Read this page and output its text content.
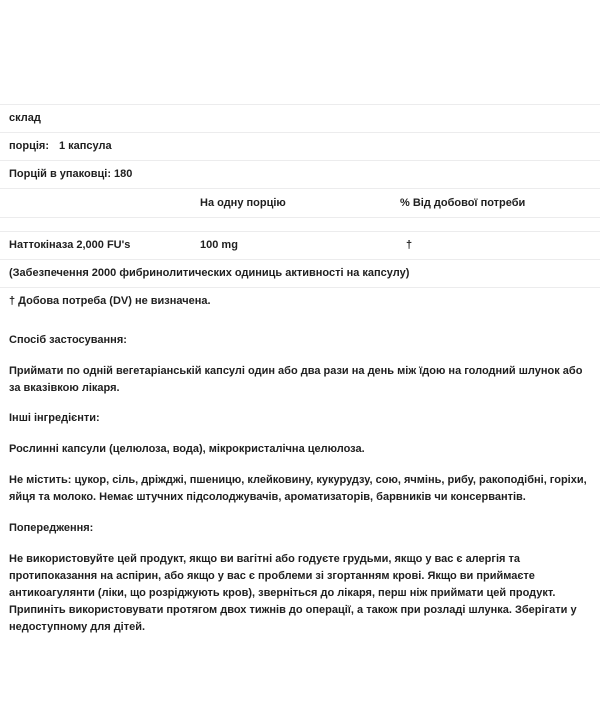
склад		
порція: 1 капсула		
Порцій в упаковці: 180		
	На одну порцію	% Від добової потреби

Наттокіназа 2,000 FU's	100 mg	†
(Забезпечення 2000 фибринолитических одиниць активності на капсулу)		
† Добова потреба (DV) не визначена.		

Спосіб застосування:

Приймати по одній вегетаріанській капсулі один або два рази на день між їдою на голодний шлунок або за вказівкою лікаря.

Інші інгредієнти:

Рослинні капсули (целюлоза, вода), мікрокристалічна целюлоза.

Не містить: цукор, сіль, дріжджі, пшеницю, клейковину, кукурудзу, сою, ячмінь, рибу, ракоподібні, горіхи, яйця та молоко. Немає штучних підсолоджувачів, ароматизаторів, барвників чи консервантів.

Попередження:

Не використовуйте цей продукт, якщо ви вагітні або годуєте грудьми, якщо у вас є алергія та протипоказання на аспірин, або якщо у вас є проблеми зі згортанням крові. Якщо ви приймаєте антикоагулянти (ліки, що розріджують кров), зверніться до лікаря, перш ніж приймати цей продукт. Припиніть використовувати протягом двох тижнів до операції, а також при розладі шлунка. Зберігати у недоступному для дітей.
